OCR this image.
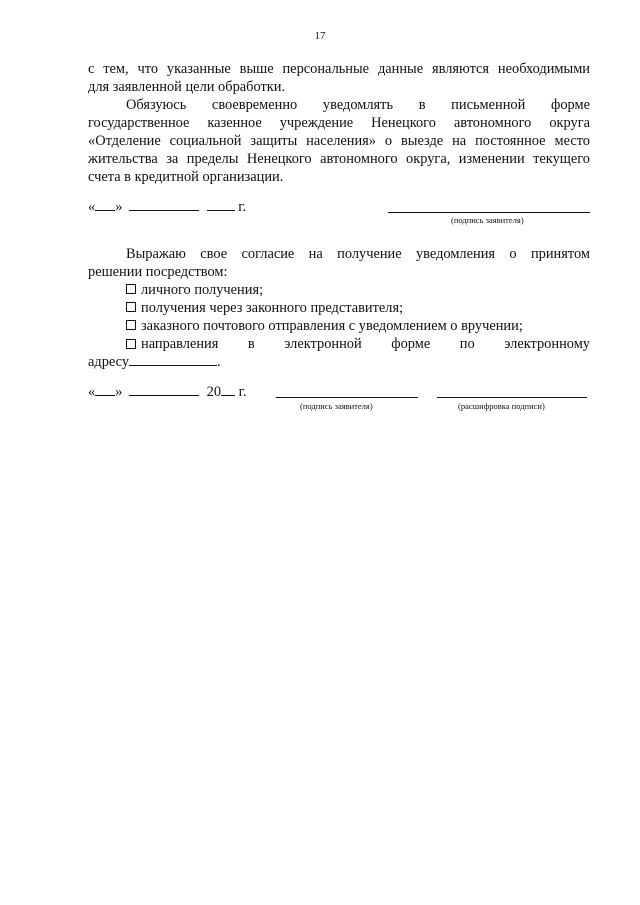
17
с тем, что указанные выше персональные данные являются необходимыми
для заявленной цели обработки.
Обязуюсь своевременно уведомлять в письменной форме
государственное казенное учреждение Ненецкого автономного округа
«Отделение социальной защиты населения» о выезде на постоянное место
жительства за пределы Ненецкого автономного округа, изменении текущего
счета в кредитной организации.
« »	г.
(подпись заявителя)
Выражаю свое согласие на получение уведомления о принятом
решении посредством:
личного получения;
получения через законного представителя;
заказного почтового отправления с уведомлением о вручении;
направления в электронной форме по электронному
адресу	.
« »	20 г.
(подпись заявителя)	(расшифровка подписи)
